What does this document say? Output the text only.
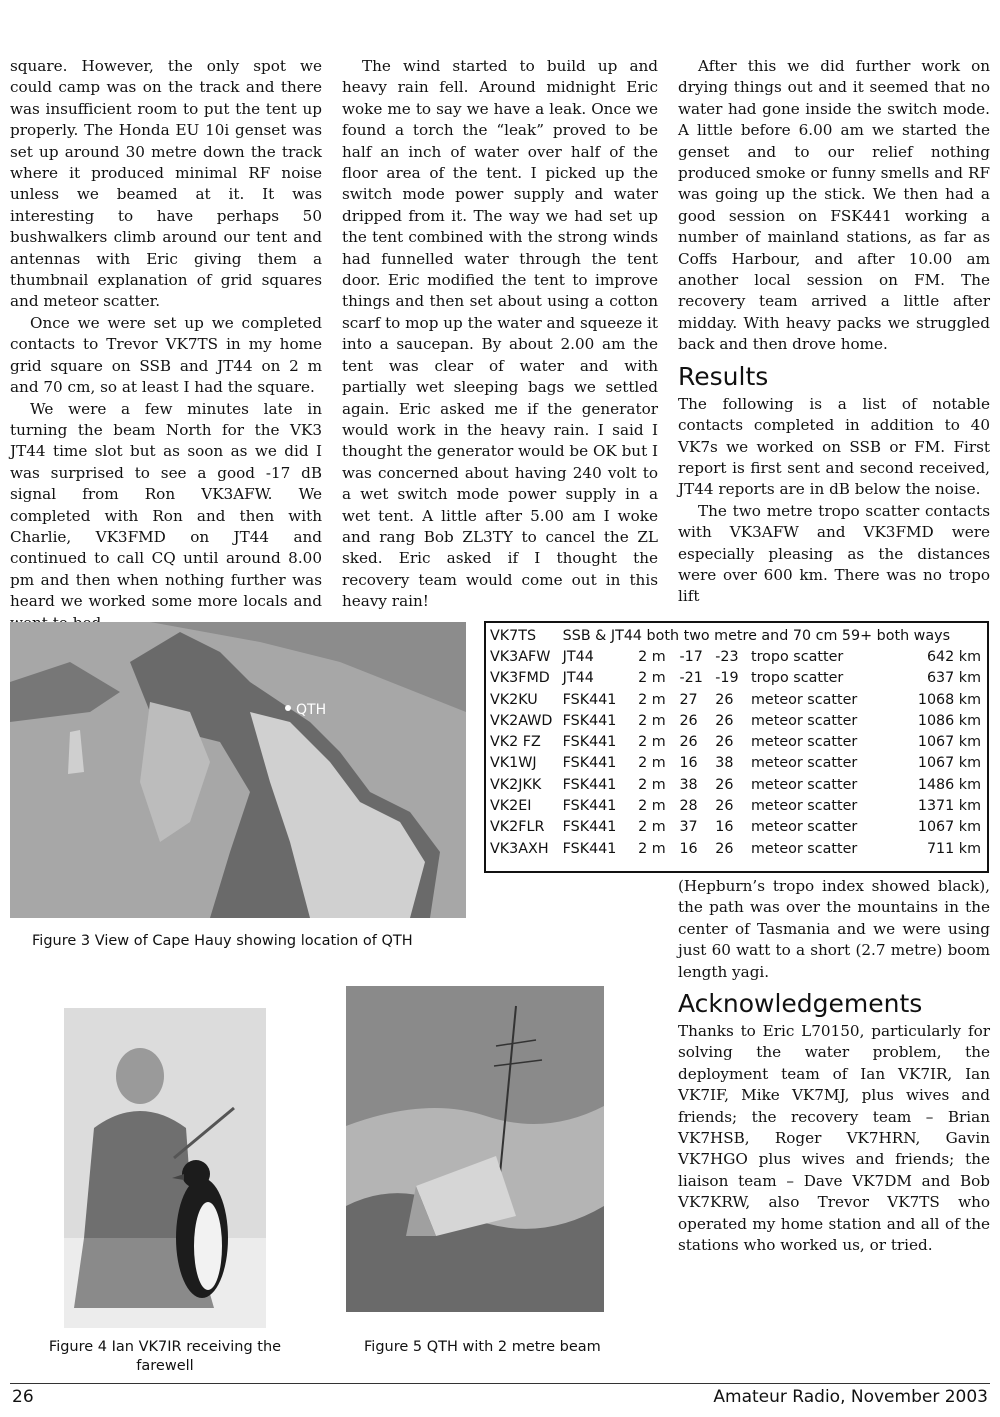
square. However, the only spot we could camp was on the track and there was insufficient room to put the tent up properly. The Honda EU 10i genset was set up around 30 metre down the track where it produced minimal RF noise unless we beamed at it. It was interesting to have perhaps 50 bushwalkers climb around our tent and antennas with Eric giving them a thumbnail explanation of grid squares and meteor scatter.

Once we were set up we completed contacts to Trevor VK7TS in my home grid square on SSB and JT44 on 2 m and 70 cm, so at least I had the square.

We were a few minutes late in turning the beam North for the VK3 JT44 time slot but as soon as we did I was surprised to see a good -17 dB signal from Ron VK3AFW. We completed with Ron and then with Charlie, VK3FMD on JT44 and continued to call CQ until around 8.00 pm and then when nothing further was heard we worked some more locals and

The wind started to build up and heavy rain fell. Around midnight Eric woke me to say we have a leak. Once we found a torch the “leak” proved to be half an inch of water over half of the floor area of the tent. I picked up the switch mode power supply and water dripped from it. The way we had set up the tent combined with the strong winds had funnelled water through the tent door. Eric modified the tent to improve things and then set about using a cotton scarf to mop up the water and squeeze it into a saucepan. By about 2.00 am the tent was clear of water and with partially wet sleeping bags we settled again. Eric asked me if the generator would work in the heavy rain. I said I thought the generator would be OK but I was concerned about having 240 volt to a wet switch mode power supply in a wet tent. A little after 5.00 am I woke and rang Bob ZL3TY to cancel the ZL sked. Eric asked if I thought the recovery team would come out in this heavy rain!

After this we did further work on drying things out and it seemed that no water had gone inside the switch mode. A little before 6.00 am we started the genset and to our relief nothing produced smoke or funny smells and RF was going up the stick. We then had a good session on FSK441 working a number of mainland stations, as far as Coffs Harbour, and after 10.00 am another local session on FM. The recovery team arrived a little after midday. With heavy packs we struggled back and then drove home.

Results

The following is a list of notable contacts completed in addition to 40 VK7s we worked on SSB or FM. First report is first sent and second received, JT44 reports are in dB below the noise.

The two metre tropo scatter contacts with VK3AFW and VK3FMD were especially pleasing as the distances were over 600 km. There was no tropo lift

VK7TS	SSB & JT44 both two metre and 70 cm 59+ both ways					
VK3AFW	JT44	2 m	-17	-23	tropo scatter	642 km
VK3FMD	JT44	2 m	-21	-19	tropo scatter	637 km
VK2KU	FSK441	2 m	27	26	meteor scatter	1068 km
VK2AWD	FSK441	2 m	26	26	meteor scatter	1086 km
VK2 FZ	FSK441	2 m	26	26	meteor scatter	1067 km
VK1WJ	FSK441	2 m	16	38	meteor scatter	1067 km
VK2JKK	FSK441	2 m	38	26	meteor scatter	1486 km
VK2EI	FSK441	2 m	28	26	meteor scatter	1371 km
VK2FLR	FSK441	2 m	37	16	meteor scatter	1067 km
VK3AXH	FSK441	2 m	16	26	meteor scatter	711 km
QTH
Figure 3 View of Cape Hauy showing location of QTH

(Hepburn’s tropo index showed black), the path was over the mountains in the center of Tasmania and we were using just 60 watt to a short (2.7 metre) boom length yagi.

Acknowledgements

Thanks to Eric L70150, particularly for solving the water problem, the deployment team of Ian VK7IR, Ian VK7IF, Mike VK7MJ, plus wives and friends; the recovery team – Brian VK7HSB, Roger VK7HRN, Gavin VK7HGO plus wives and friends; the liaison team – Dave VK7DM and Bob VK7KRW, also Trevor VK7TS who operated my home station and all of the stations who worked us, or tried.

Figure 4 Ian VK7IR receiving the farewell
Figure 5 QTH with 2 metre beam
26	Amateur Radio, November 2003
